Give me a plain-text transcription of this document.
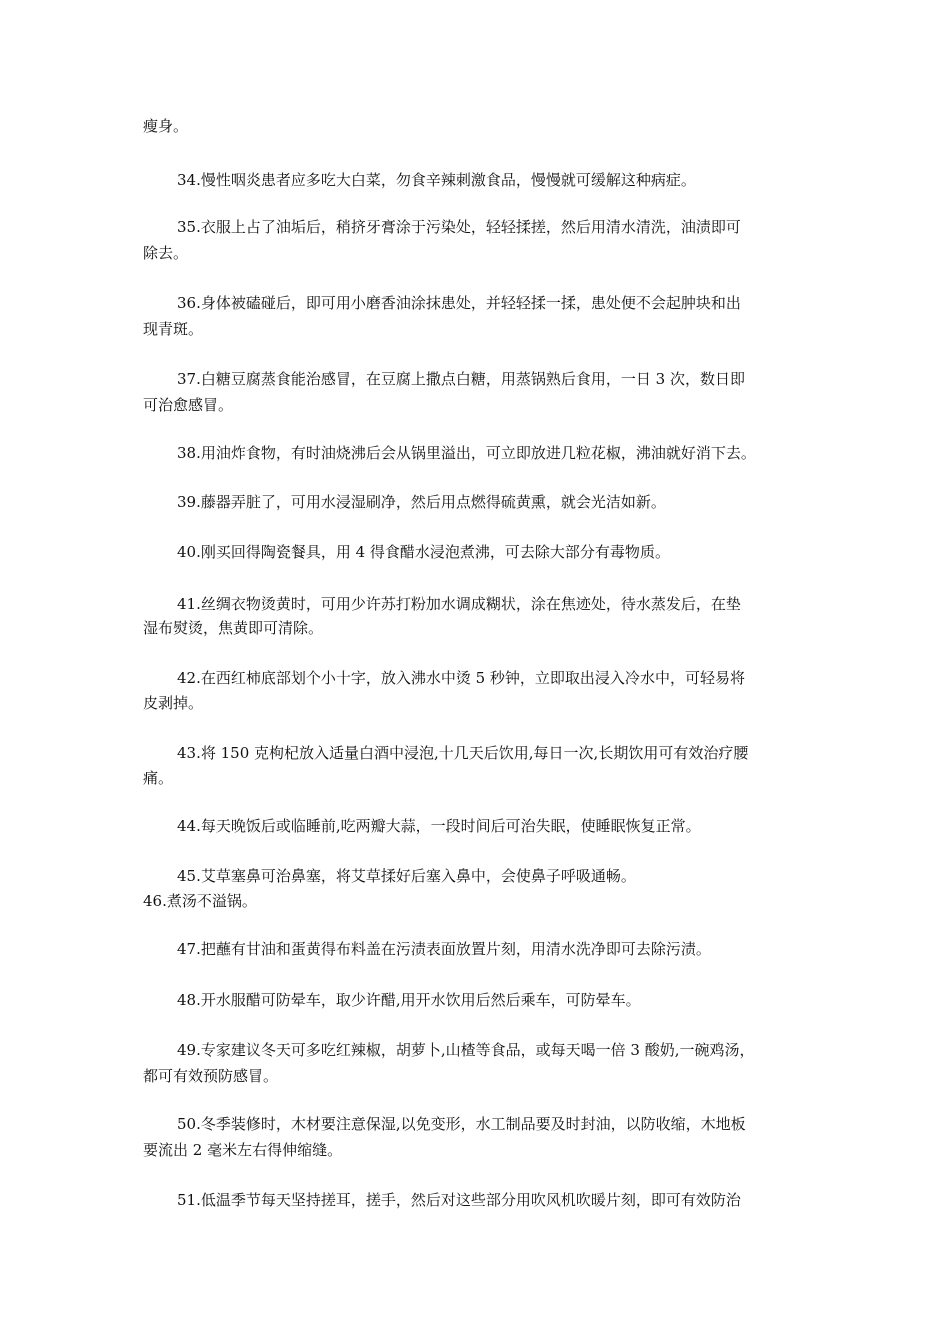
瘦身。
34.慢性咽炎患者应多吃大白菜，勿食辛辣刺激食品，慢慢就可缓解这种病症。
35.衣服上占了油垢后，稍挤牙膏涂于污染处，轻轻揉搓，然后用清水清洗，油渍即可
除去。
36.身体被磕碰后，即可用小磨香油涂抹患处，并轻轻揉一揉，患处便不会起肿块和出
现青斑。
37.白糖豆腐蒸食能治感冒，在豆腐上撒点白糖，用蒸锅熟后食用，一日 3 次，数日即
可治愈感冒。
38.用油炸食物，有时油烧沸后会从锅里溢出，可立即放进几粒花椒，沸油就好消下去。
39.藤器弄脏了，可用水浸湿刷净，然后用点燃得硫黄熏，就会光洁如新。
40.刚买回得陶瓷餐具，用 4 得食醋水浸泡煮沸，可去除大部分有毒物质。
41.丝绸衣物烫黄时，可用少许苏打粉加水调成糊状，涂在焦迹处，待水蒸发后，在垫
湿布熨烫，焦黄即可清除。
42.在西红柿底部划个小十字，放入沸水中烫 5 秒钟，立即取出浸入冷水中，可轻易将
皮剥掉。
43.将 150 克枸杞放入适量白酒中浸泡,十几天后饮用,每日一次,长期饮用可有效治疗腰
痛。
44.每天晚饭后或临睡前,吃两瓣大蒜，一段时间后可治失眠，使睡眠恢复正常。
45.艾草塞鼻可治鼻塞，将艾草揉好后塞入鼻中，会使鼻子呼吸通畅。
46.煮汤不溢锅。
47.把蘸有甘油和蛋黄得布料盖在污渍表面放置片刻，用清水洗净即可去除污渍。
48.开水服醋可防晕车，取少许醋,用开水饮用后然后乘车，可防晕车。
49.专家建议冬天可多吃红辣椒，胡萝卜,山楂等食品，或每天喝一倍 3 酸奶,一碗鸡汤，
都可有效预防感冒。
50.冬季装修时，木材要注意保湿,以免变形，水工制品要及时封油，以防收缩，木地板
要流出 2 毫米左右得伸缩缝。
51.低温季节每天坚持搓耳，搓手，然后对这些部分用吹风机吹暖片刻，即可有效防治
